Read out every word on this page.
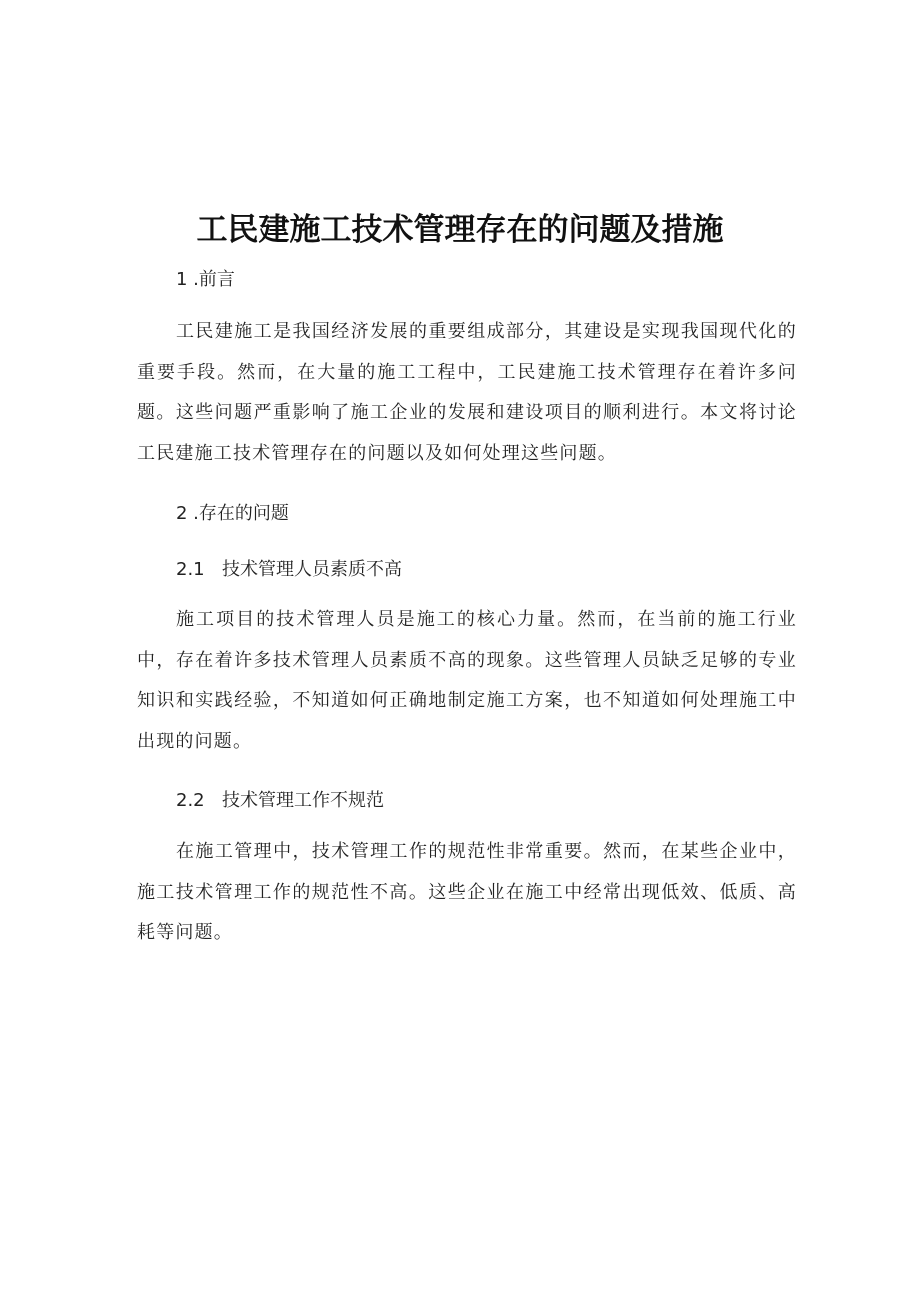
工民建施工技术管理存在的问题及措施
1 .前言
工民建施工是我国经济发展的重要组成部分，其建设是实现我国现代化的重要手段。然而，在大量的施工工程中，工民建施工技术管理存在着许多问题。这些问题严重影响了施工企业的发展和建设项目的顺利进行。本文将讨论工民建施工技术管理存在的问题以及如何处理这些问题。
2 .存在的问题
2.1 技术管理人员素质不高
施工项目的技术管理人员是施工的核心力量。然而，在当前的施工行业中，存在着许多技术管理人员素质不高的现象。这些管理人员缺乏足够的专业知识和实践经验，不知道如何正确地制定施工方案，也不知道如何处理施工中出现的问题。
2.2 技术管理工作不规范
在施工管理中，技术管理工作的规范性非常重要。然而，在某些企业中，施工技术管理工作的规范性不高。这些企业在施工中经常出现低效、低质、高耗等问题。
